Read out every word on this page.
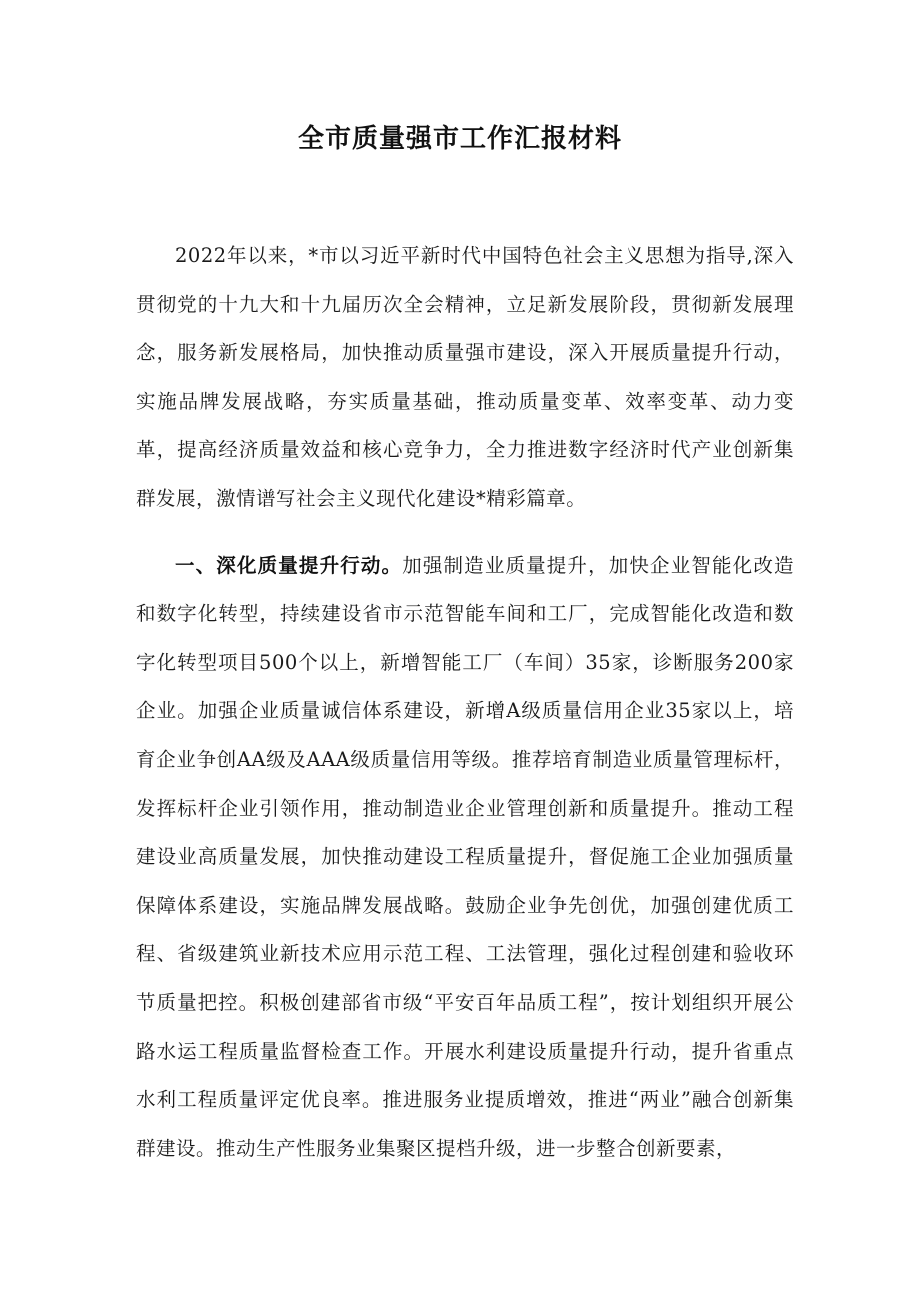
全市质量强市工作汇报材料

2022年以来，*市以习近平新时代中国特色社会主义思想为指导,深入贯彻党的十九大和十九届历次全会精神，立足新发展阶段，贯彻新发展理念，服务新发展格局，加快推动质量强市建设，深入开展质量提升行动，实施品牌发展战略，夯实质量基础，推动质量变革、效率变革、动力变革，提高经济质量效益和核心竞争力，全力推进数字经济时代产业创新集群发展，激情谱写社会主义现代化建设*精彩篇章。

一、深化质量提升行动。加强制造业质量提升，加快企业智能化改造和数字化转型，持续建设省市示范智能车间和工厂，完成智能化改造和数字化转型项目500个以上，新增智能工厂（车间）35家，诊断服务200家企业。加强企业质量诚信体系建设，新增A级质量信用企业35家以上，培育企业争创AA级及AAA级质量信用等级。推荐培育制造业质量管理标杆，发挥标杆企业引领作用，推动制造业企业管理创新和质量提升。推动工程建设业高质量发展，加快推动建设工程质量提升，督促施工企业加强质量保障体系建设，实施品牌发展战略。鼓励企业争先创优，加强创建优质工程、省级建筑业新技术应用示范工程、工法管理，强化过程创建和验收环节质量把控。积极创建部省市级“平安百年品质工程”，按计划组织开展公路水运工程质量监督检查工作。开展水利建设质量提升行动，提升省重点水利工程质量评定优良率。推进服务业提质增效，推进“两业”融合创新集群建设。推动生产性服务业集聚区提档升级，进一步整合创新要素，
